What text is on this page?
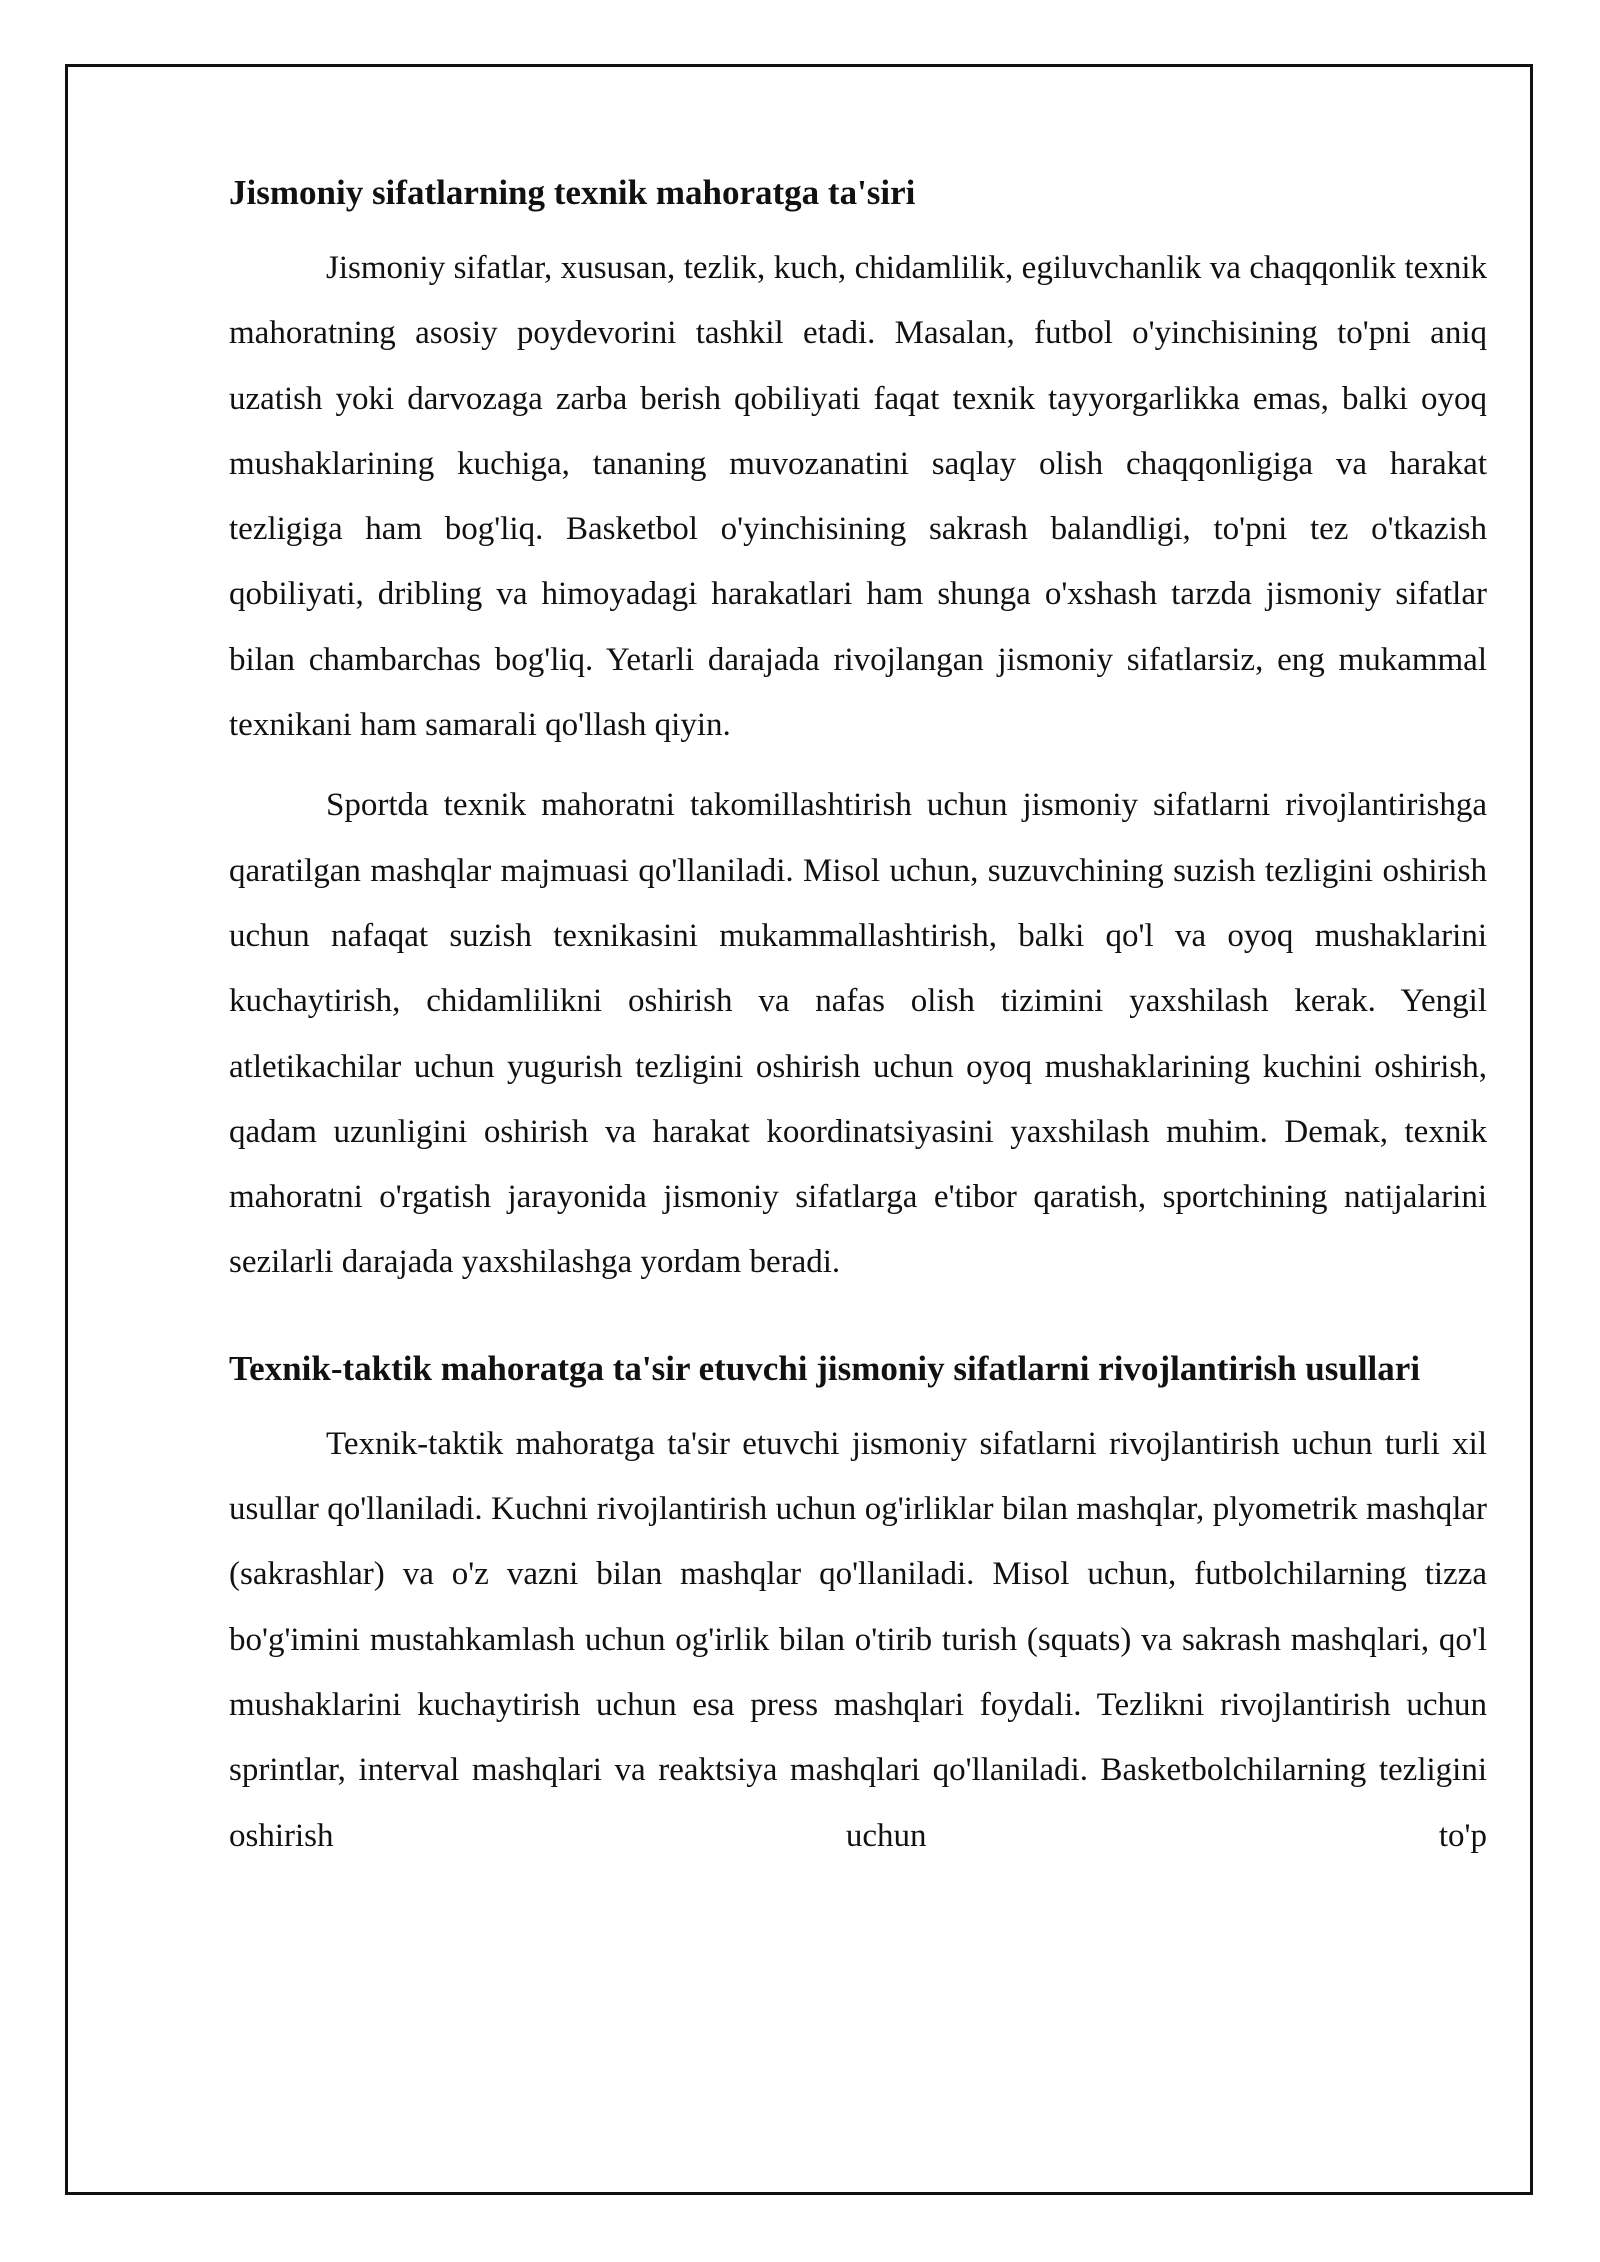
Jismoniy sifatlarning texnik mahoratga ta'siri

Jismoniy sifatlar, xususan, tezlik, kuch, chidamlilik, egiluvchanlik va chaqqonlik texnik mahoratning asosiy poydevorini tashkil etadi. Masalan, futbol o'yinchisining to'pni aniq uzatish yoki darvozaga zarba berish qobiliyati faqat texnik tayyorgarlikka emas, balki oyoq mushaklarining kuchiga, tananing muvozanatini saqlay olish chaqqonligiga va harakat tezligiga ham bog'liq. Basketbol o'yinchisining sakrash balandligi, to'pni tez o'tkazish qobiliyati, dribling va himoyadagi harakatlari ham shunga o'xshash tarzda jismoniy sifatlar bilan chambarchas bog'liq. Yetarli darajada rivojlangan jismoniy sifatlarsiz, eng mukammal texnikani ham samarali qo'llash qiyin.

Sportda texnik mahoratni takomillashtirish uchun jismoniy sifatlarni rivojlantirishga qaratilgan mashqlar majmuasi qo'llaniladi. Misol uchun, suzuvchining suzish tezligini oshirish uchun nafaqat suzish texnikasini mukammallashtirish, balki qo'l va oyoq mushaklarini kuchaytirish, chidamlilikni oshirish va nafas olish tizimini yaxshilash kerak. Yengil atletikachilar uchun yugurish tezligini oshirish uchun oyoq mushaklarining kuchini oshirish, qadam uzunligini oshirish va harakat koordinatsiyasini yaxshilash muhim. Demak, texnik mahoratni o'rgatish jarayonida jismoniy sifatlarga e'tibor qaratish, sportchining natijalarini sezilarli darajada yaxshilashga yordam beradi.

Texnik-taktik mahoratga ta'sir etuvchi jismoniy sifatlarni rivojlantirish usullari

Texnik-taktik mahoratga ta'sir etuvchi jismoniy sifatlarni rivojlantirish uchun turli xil usullar qo'llaniladi. Kuchni rivojlantirish uchun og'irliklar bilan mashqlar, plyometrik mashqlar (sakrashlar) va o'z vazni bilan mashqlar qo'llaniladi. Misol uchun, futbolchilarning tizza bo'g'imini mustahkamlash uchun og'irlik bilan o'tirib turish (squats) va sakrash mashqlari, qo'l mushaklarini kuchaytirish uchun esa press mashqlari foydali. Tezlikni rivojlantirish uchun sprintlar, interval mashqlari va reaktsiya mashqlari qo'llaniladi. Basketbolchilarning tezligini oshirish uchun to'p
